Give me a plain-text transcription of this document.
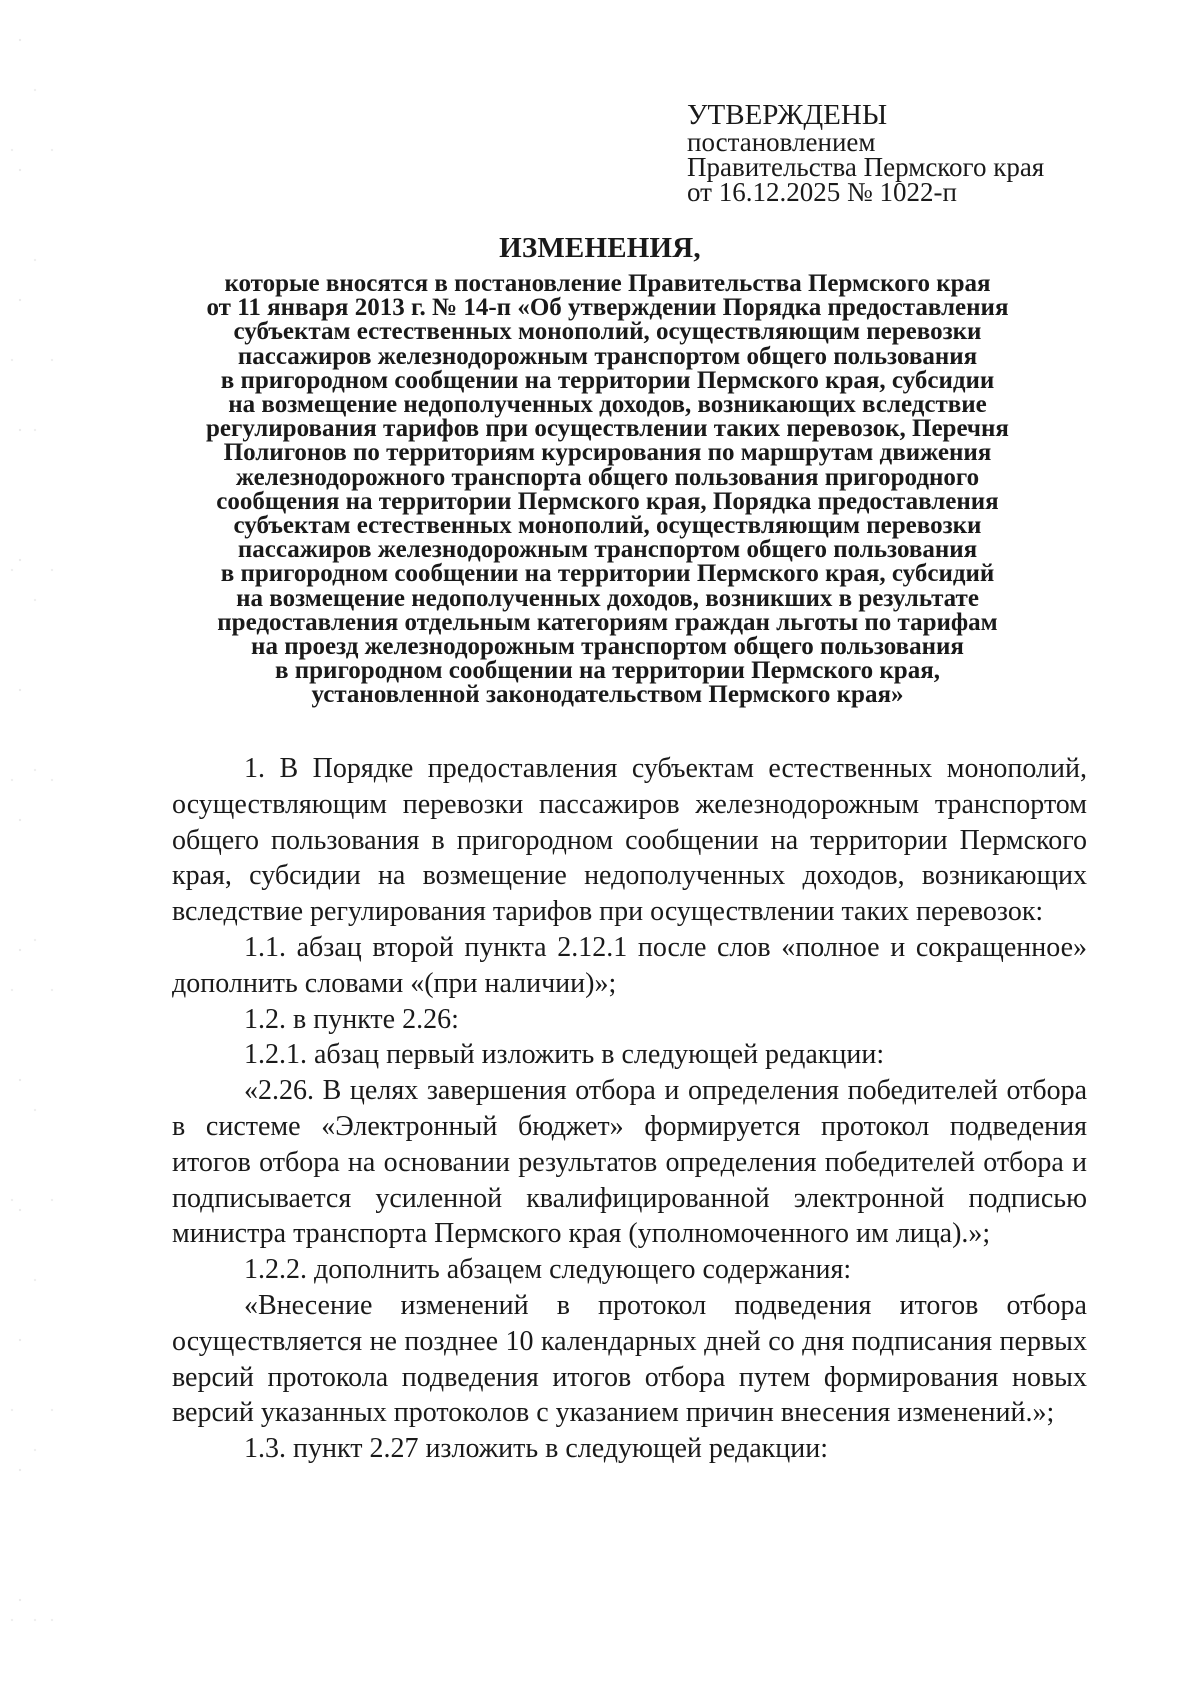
УТВЕРЖДЕНЫ
постановлением
Правительства Пермского края
от 16.12.2025 № 1022-п
ИЗМЕНЕНИЯ,
которые вносятся в постановление Правительства Пермского края
от 11 января 2013 г. № 14-п «Об утверждении Порядка предоставления
субъектам естественных монополий, осуществляющим перевозки
пассажиров железнодорожным транспортом общего пользования
в пригородном сообщении на территории Пермского края, субсидии
на возмещение недополученных доходов, возникающих вследствие
регулирования тарифов при осуществлении таких перевозок, Перечня
Полигонов по территориям курсирования по маршрутам движения
железнодорожного транспорта общего пользования пригородного
сообщения на территории Пермского края, Порядка предоставления
субъектам естественных монополий, осуществляющим перевозки
пассажиров железнодорожным транспортом общего пользования
в пригородном сообщении на территории Пермского края, субсидий
на возмещение недополученных доходов, возникших в результате
предоставления отдельным категориям граждан льготы по тарифам
на проезд железнодорожным транспортом общего пользования
в пригородном сообщении на территории Пермского края,
установленной законодательством Пермского края»

1. В Порядке предоставления субъектам естественных монополий, осуществляющим перевозки пассажиров железнодорожным транспортом общего пользования в пригородном сообщении на территории Пермского края, субсидии на возмещение недополученных доходов, возникающих вследствие регулирования тарифов при осуществлении таких перевозок:

1.1. абзац второй пункта 2.12.1 после слов «полное и сокращенное» дополнить словами «(при наличии)»;

1.2. в пункте 2.26:

1.2.1. абзац первый изложить в следующей редакции:

«2.26. В целях завершения отбора и определения победителей отбора в системе «Электронный бюджет» формируется протокол подведения итогов отбора на основании результатов определения победителей отбора и подписывается усиленной квалифицированной электронной подписью министра транспорта Пермского края (уполномоченного им лица).»;

1.2.2. дополнить абзацем следующего содержания:

«Внесение изменений в протокол подведения итогов отбора осуществляется не позднее 10 календарных дней со дня подписания первых версий протокола подведения итогов отбора путем формирования новых версий указанных протоколов с указанием причин внесения изменений.»;

1.3. пункт 2.27 изложить в следующей редакции:
